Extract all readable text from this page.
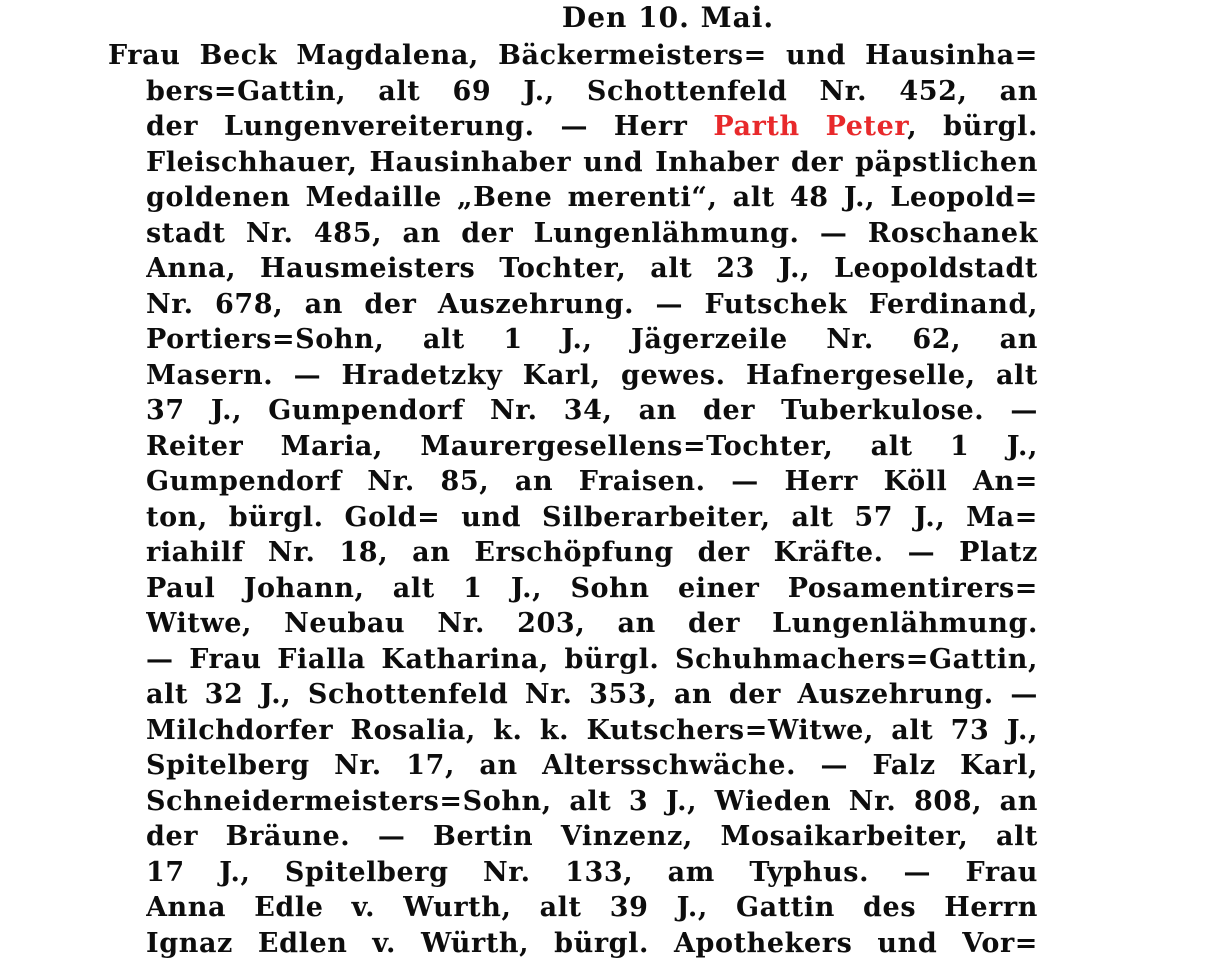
Den 10. Mai.
Frau Beck Magdalena, Bäckermeisters= und Hausinha=
bers=Gattin, alt 69 J., Schottenfeld Nr. 452, an
der Lungenvereiterung. — Herr Parth Peter, bürgl.
Fleischhauer, Hausinhaber und Inhaber der päpstlichen
goldenen Medaille „Bene merenti“, alt 48 J., Leopold=
stadt Nr. 485, an der Lungenlähmung. — Roschanek
Anna, Hausmeisters Tochter, alt 23 J., Leopoldstadt
Nr. 678, an der Auszehrung. — Futschek Ferdinand,
Portiers=Sohn, alt 1 J., Jägerzeile Nr. 62, an
Masern. — Hradetzky Karl, gewes. Hafnergeselle, alt
37 J., Gumpendorf Nr. 34, an der Tuberkulose. —
Reiter Maria, Maurergesellens=Tochter, alt 1 J.,
Gumpendorf Nr. 85, an Fraisen. — Herr Köll An=
ton, bürgl. Gold= und Silberarbeiter, alt 57 J., Ma=
riahilf Nr. 18, an Erschöpfung der Kräfte. — Platz
Paul Johann, alt 1 J., Sohn einer Posamentirers=
Witwe, Neubau Nr. 203, an der Lungenlähmung.
— Frau Fialla Katharina, bürgl. Schuhmachers=Gattin,
alt 32 J., Schottenfeld Nr. 353, an der Auszehrung. —
Milchdorfer Rosalia, k. k. Kutschers=Witwe, alt 73 J.,
Spitelberg Nr. 17, an Altersschwäche. — Falz Karl,
Schneidermeisters=Sohn, alt 3 J., Wieden Nr. 808, an
der Bräune. — Bertin Vinzenz, Mosaikarbeiter, alt
17 J., Spitelberg Nr. 133, am Typhus. — Frau
Anna Edle v. Wurth, alt 39 J., Gattin des Herrn
Ignaz Edlen v. Würth, bürgl. Apothekers und Vor=
